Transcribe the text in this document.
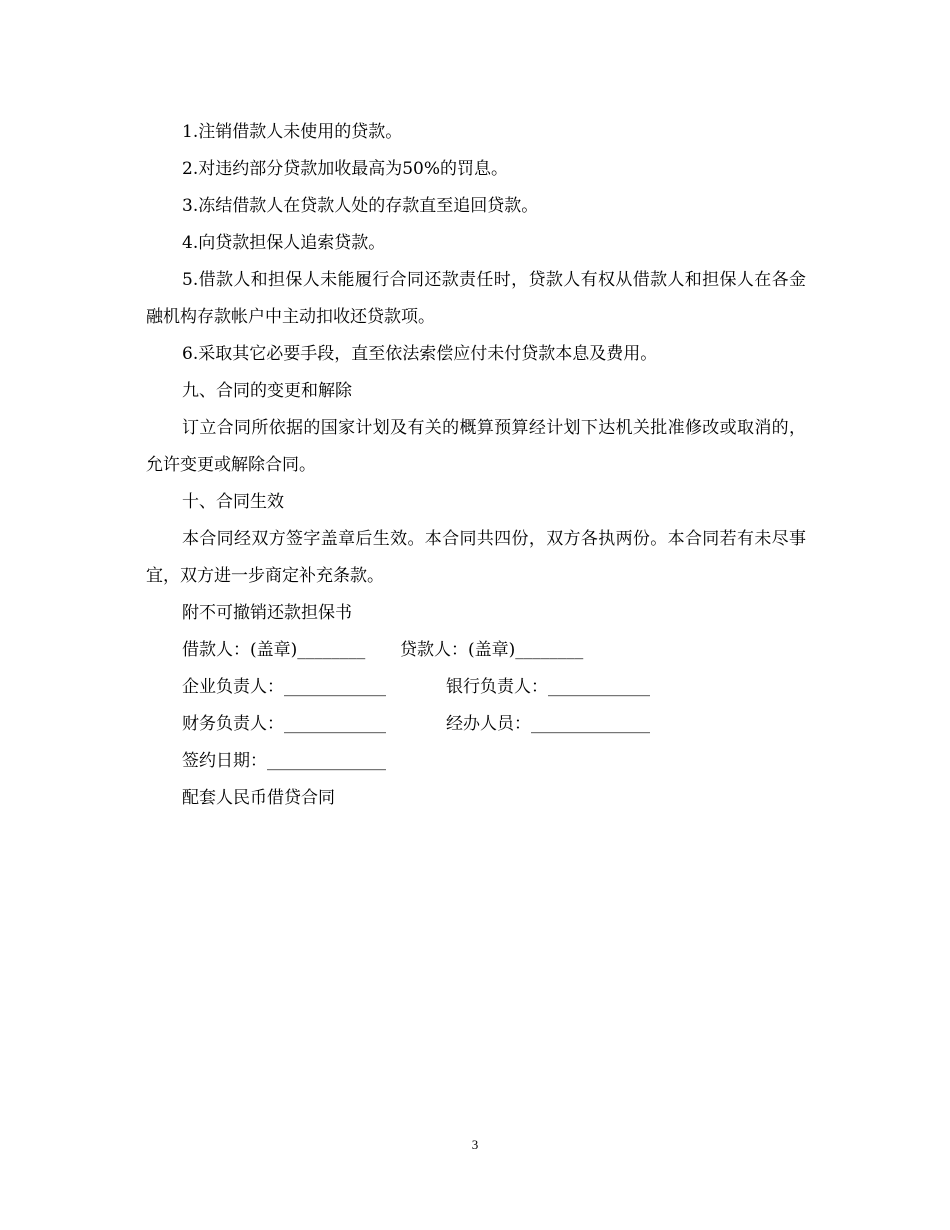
1.注销借款人未使用的贷款。

2.对违约部分贷款加收最高为50%的罚息。

3.冻结借款人在贷款人处的存款直至追回贷款。

4.向贷款担保人追索贷款。

5.借款人和担保人未能履行合同还款责任时，贷款人有权从借款人和担保人在各金融机构存款帐户中主动扣收还贷款项。

6.采取其它必要手段，直至依法索偿应付未付贷款本息及费用。

九、合同的变更和解除

订立合同所依据的国家计划及有关的概算预算经计划下达机关批准修改或取消的，允许变更或解除合同。

十、合同生效

本合同经双方签字盖章后生效。本合同共四份，双方各执两份。本合同若有未尽事宜，双方进一步商定补充条款。

附不可撤销还款担保书

借款人：(盖章)________ 贷款人：(盖章)________
企业负责人：____________	银行负责人：____________
财务负责人：____________	经办人员：______________
签约日期：______________

配套人民币借贷合同

3
